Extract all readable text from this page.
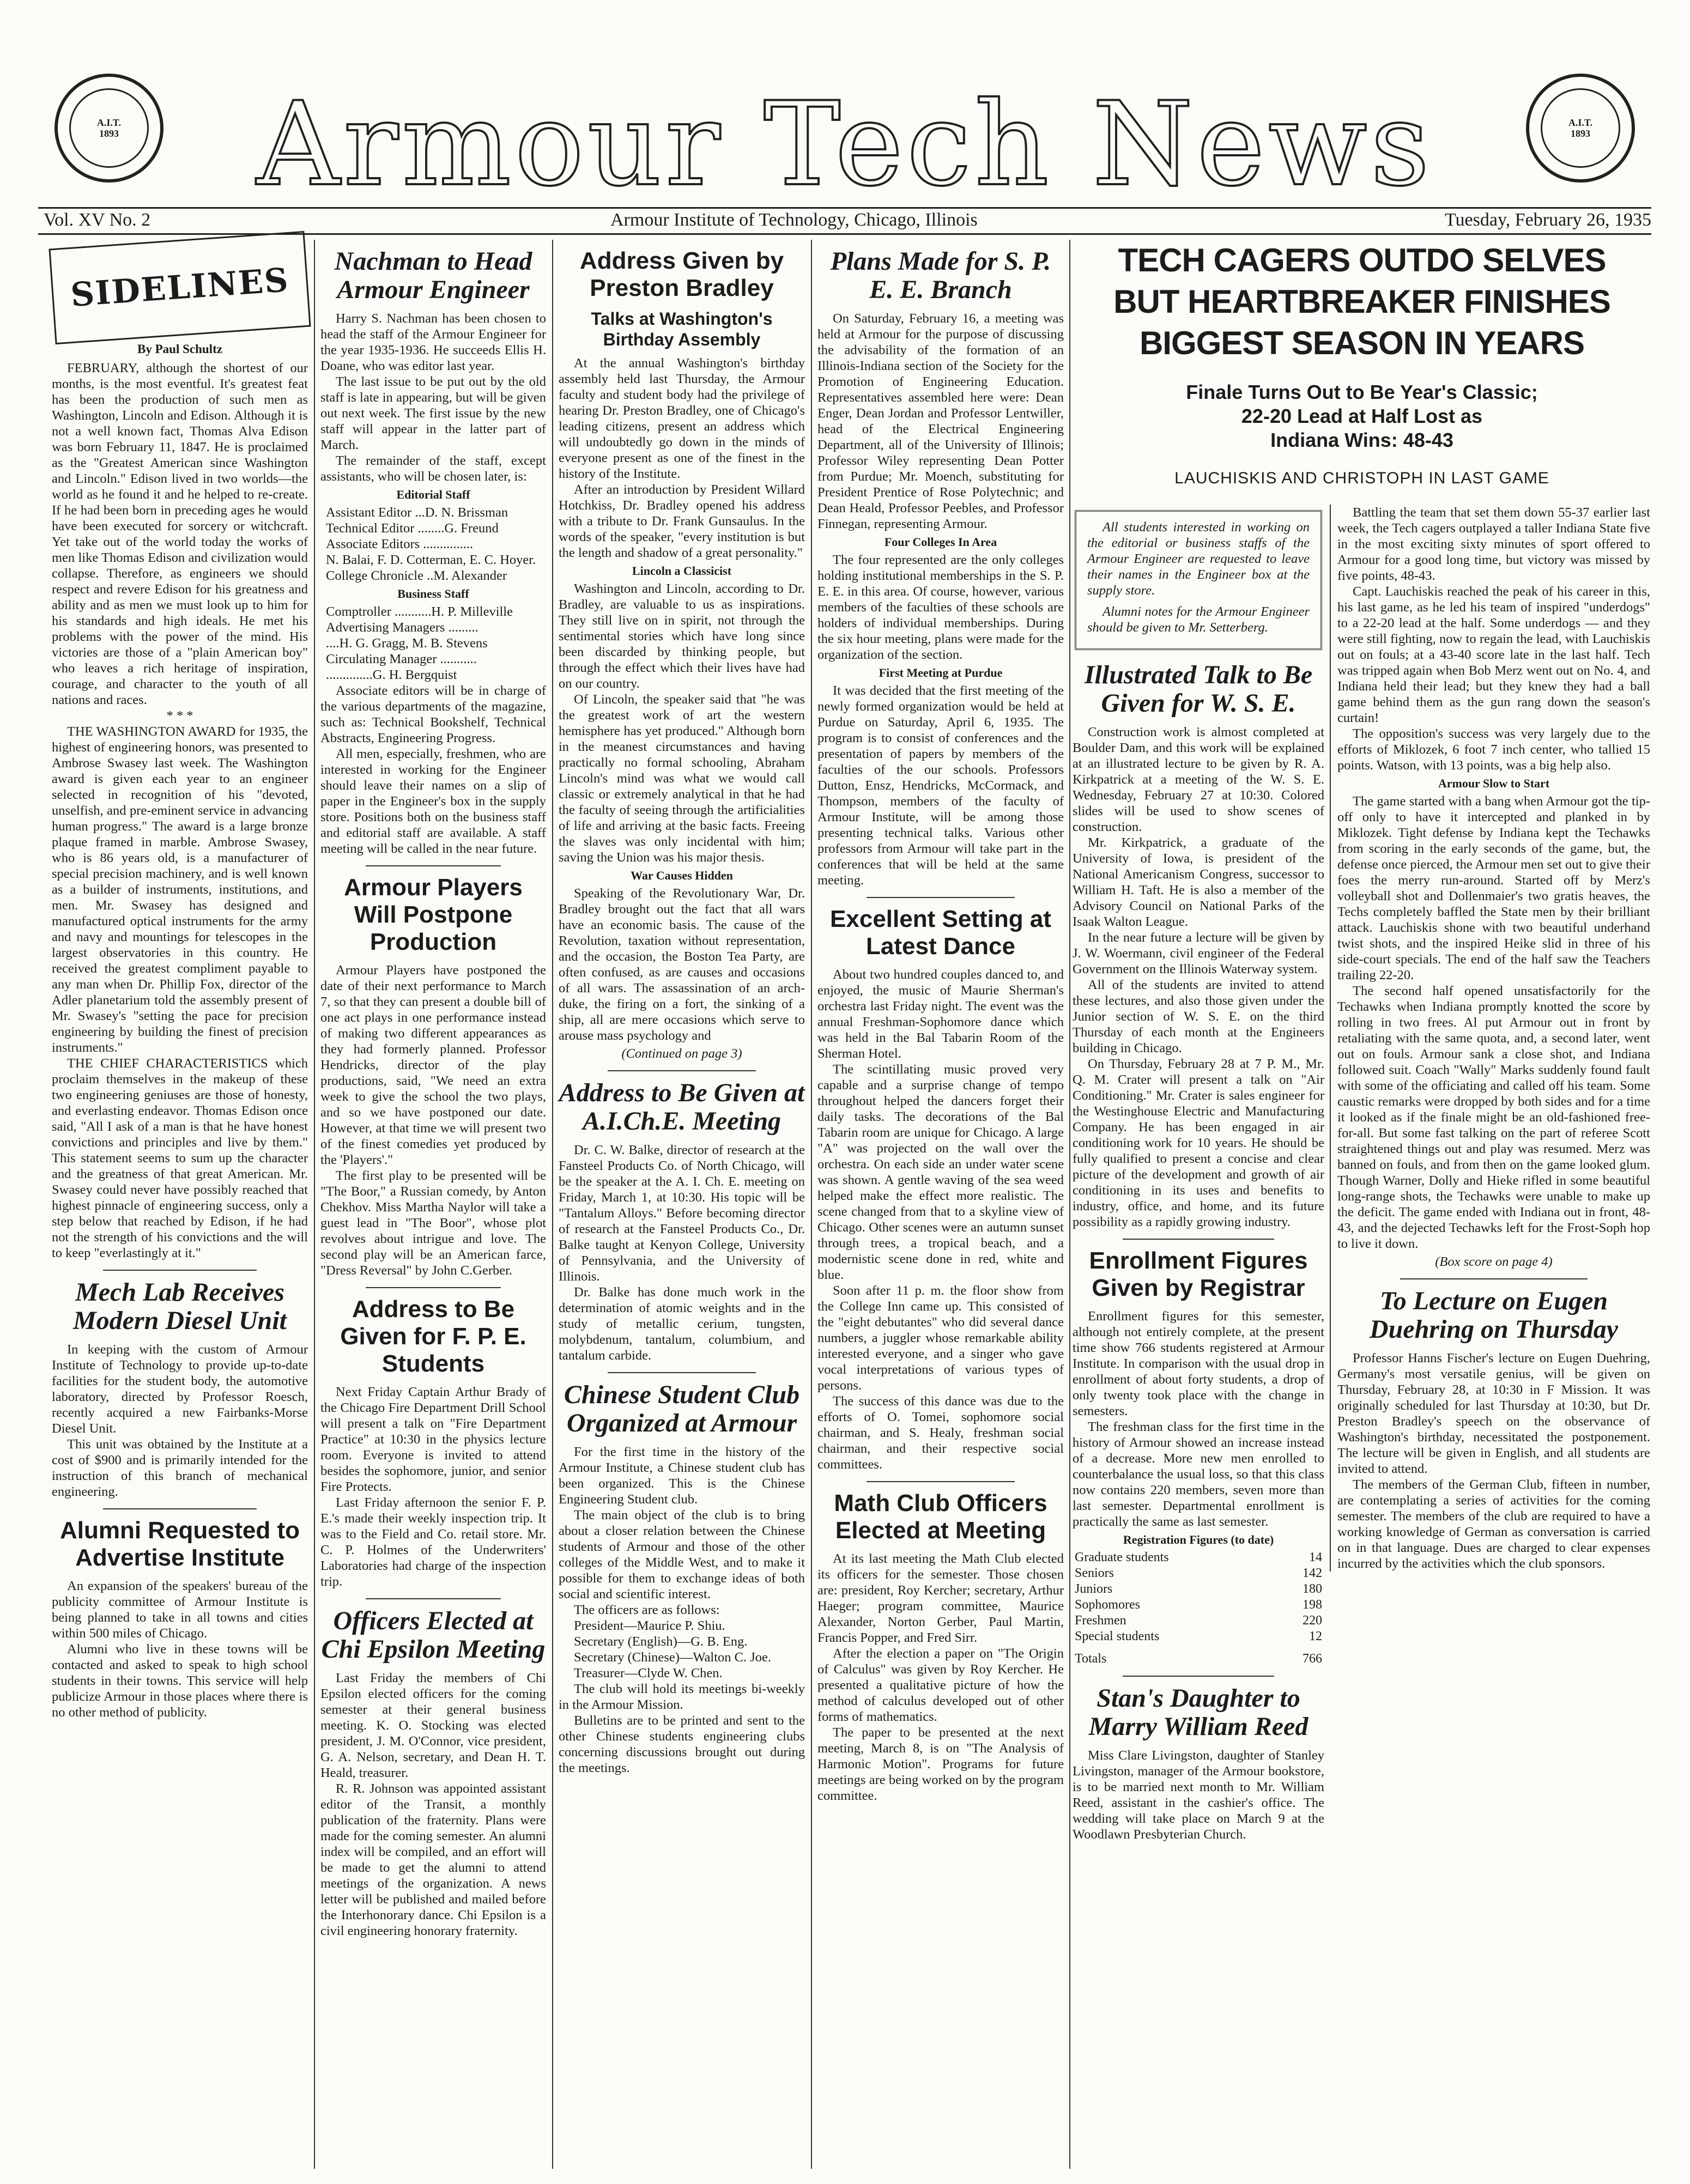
A.I.T.
1893	Armour Tech News	A.I.T.
1893
Vol. XV No. 2	Armour Institute of Technology, Chicago, Illinois	Tuesday, February 26, 1935
SIDELINES
By Paul Schultz

FEBRUARY, although the shortest of our months, is the most eventful. It's greatest feat has been the production of such men as Washington, Lincoln and Edison. Although it is not a well known fact, Thomas Alva Edison was born February 11, 1847. He is proclaimed as the "Greatest American since Washington and Lincoln." Edison lived in two worlds—the world as he found it and he helped to re-create. If he had been born in preceding ages he would have been executed for sorcery or witchcraft. Yet take out of the world today the works of men like Thomas Edison and civilization would collapse. Therefore, as engineers we should respect and revere Edison for his greatness and ability and as men we must look up to him for his standards and high ideals. He met his problems with the power of the mind. His victories are those of a "plain American boy" who leaves a rich heritage of inspiration, courage, and character to the youth of all nations and races.

* * *

THE WASHINGTON AWARD for 1935, the highest of engineering honors, was presented to Ambrose Swasey last week. The Washington award is given each year to an engineer selected in recognition of his "devoted, unselfish, and pre-eminent service in advancing human progress." The award is a large bronze plaque framed in marble. Ambrose Swasey, who is 86 years old, is a manufacturer of special precision machinery, and is well known as a builder of instruments, institutions, and men. Mr. Swasey has designed and manufactured optical instruments for the army and navy and mountings for telescopes in the largest observatories in this country. He received the greatest compliment payable to any man when Dr. Phillip Fox, director of the Adler planetarium told the assembly present of Mr. Swasey's "setting the pace for precision engineering by building the finest of precision instruments."

THE CHIEF CHARACTERISTICS which proclaim themselves in the makeup of these two engineering geniuses are those of honesty, and everlasting endeavor. Thomas Edison once said, "All I ask of a man is that he have honest convictions and principles and live by them." This statement seems to sum up the character and the greatness of that great American. Mr. Swasey could never have possibly reached that highest pinnacle of engineering success, only a step below that reached by Edison, if he had not the strength of his convictions and the will to keep "everlastingly at it."

Mech Lab Receives Modern Diesel Unit

In keeping with the custom of Armour Institute of Technology to provide up-to-date facilities for the student body, the automotive laboratory, directed by Professor Roesch, recently acquired a new Fairbanks-Morse Diesel Unit.

This unit was obtained by the Institute at a cost of $900 and is primarily intended for the instruction of this branch of mechanical engineering.

Alumni Requested to Advertise Institute

An expansion of the speakers' bureau of the publicity committee of Armour Institute is being planned to take in all towns and cities within 500 miles of Chicago.

Alumni who live in these towns will be contacted and asked to speak to high school students in their towns. This service will help publicize Armour in those places where there is no other method of publicity.

Nachman to Head Armour Engineer

Harry S. Nachman has been chosen to head the staff of the Armour Engineer for the year 1935-1936. He succeeds Ellis H. Doane, who was editor last year.

The last issue to be put out by the old staff is late in appearing, but will be given out next week. The first issue by the new staff will appear in the latter part of March.

The remainder of the staff, except assistants, who will be chosen later, is:

Editorial Staff

Assistant Editor ...D. N. Brissman

Technical Editor ........G. Freund

Associate Editors ...............

N. Balai, F. D. Cotterman, E. C. Hoyer.

College Chronicle ..M. Alexander

Business Staff

Comptroller ...........H. P. Milleville

Advertising Managers .........

....H. G. Gragg, M. B. Stevens

Circulating Manager ...........

..............G. H. Bergquist

Associate editors will be in charge of the various departments of the magazine, such as: Technical Bookshelf, Technical Abstracts, Engineering Progress.

All men, especially, freshmen, who are interested in working for the Engineer should leave their names on a slip of paper in the Engineer's box in the supply store. Positions both on the business staff and editorial staff are available. A staff meeting will be called in the near future.

Armour Players Will Postpone Production

Armour Players have postponed the date of their next performance to March 7, so that they can present a double bill of one act plays in one performance instead of making two different appearances as they had formerly planned. Professor Hendricks, director of the play productions, said, "We need an extra week to give the school the two plays, and so we have postponed our date. However, at that time we will present two of the finest comedies yet produced by the 'Players'."

The first play to be presented will be "The Boor," a Russian comedy, by Anton Chekhov. Miss Martha Naylor will take a guest lead in "The Boor", whose plot revolves about intrigue and love. The second play will be an American farce, "Dress Reversal" by John C.Gerber.

Address to Be Given for F. P. E. Students

Next Friday Captain Arthur Brady of the Chicago Fire Department Drill School will present a talk on "Fire Department Practice" at 10:30 in the physics lecture room. Everyone is invited to attend besides the sophomore, junior, and senior Fire Protects.

Last Friday afternoon the senior F. P. E.'s made their weekly inspection trip. It was to the Field and Co. retail store. Mr. C. P. Holmes of the Underwriters' Laboratories had charge of the inspection trip.

Officers Elected at Chi Epsilon Meeting

Last Friday the members of Chi Epsilon elected officers for the coming semester at their general business meeting. K. O. Stocking was elected president, J. M. O'Connor, vice president, G. A. Nelson, secretary, and Dean H. T. Heald, treasurer.

R. R. Johnson was appointed assistant editor of the Transit, a monthly publication of the fraternity. Plans were made for the coming semester. An alumni index will be compiled, and an effort will be made to get the alumni to attend meetings of the organization. A news letter will be published and mailed before the Interhonorary dance. Chi Epsilon is a civil engineering honorary fraternity.

Address Given by Preston Bradley
Talks at Washington's Birthday Assembly

At the annual Washington's birthday assembly held last Thursday, the Armour faculty and student body had the privilege of hearing Dr. Preston Bradley, one of Chicago's leading citizens, present an address which will undoubtedly go down in the minds of everyone present as one of the finest in the history of the Institute.

After an introduction by President Willard Hotchkiss, Dr. Bradley opened his address with a tribute to Dr. Frank Gunsaulus. In the words of the speaker, "every institution is but the length and shadow of a great personality."

Lincoln a Classicist

Washington and Lincoln, according to Dr. Bradley, are valuable to us as inspirations. They still live on in spirit, not through the sentimental stories which have long since been discarded by thinking people, but through the effect which their lives have had on our country.

Of Lincoln, the speaker said that "he was the greatest work of art the western hemisphere has yet produced." Although born in the meanest circumstances and having practically no formal schooling, Abraham Lincoln's mind was what we would call classic or extremely analytical in that he had the faculty of seeing through the artificialities of life and arriving at the basic facts. Freeing the slaves was only incidental with him; saving the Union was his major thesis.

War Causes Hidden

Speaking of the Revolutionary War, Dr. Bradley brought out the fact that all wars have an economic basis. The cause of the Revolution, taxation without representation, and the occasion, the Boston Tea Party, are often confused, as are causes and occasions of all wars. The assassination of an arch-duke, the firing on a fort, the sinking of a ship, all are mere occasions which serve to arouse mass psychology and

(Continued on page 3)
Address to Be Given at A.I.Ch.E. Meeting

Dr. C. W. Balke, director of research at the Fansteel Products Co. of North Chicago, will be the speaker at the A. I. Ch. E. meeting on Friday, March 1, at 10:30. His topic will be "Tantalum Alloys." Before becoming director of research at the Fansteel Products Co., Dr. Balke taught at Kenyon College, University of Pennsylvania, and the University of Illinois.

Dr. Balke has done much work in the determination of atomic weights and in the study of metallic cerium, tungsten, molybdenum, tantalum, columbium, and tantalum carbide.

Chinese Student Club Organized at Armour

For the first time in the history of the Armour Institute, a Chinese student club has been organized. This is the Chinese Engineering Student club.

The main object of the club is to bring about a closer relation between the Chinese students of Armour and those of the other colleges of the Middle West, and to make it possible for them to exchange ideas of both social and scientific interest.

The officers are as follows:

President—Maurice P. Shiu.

Secretary (English)—G. B. Eng.

Secretary (Chinese)—Walton C. Joe.

Treasurer—Clyde W. Chen.

The club will hold its meetings bi-weekly in the Armour Mission.

Bulletins are to be printed and sent to the other Chinese students engineering clubs concerning discussions brought out during the meetings.

Plans Made for S. P. E. E. Branch

On Saturday, February 16, a meeting was held at Armour for the purpose of discussing the advisability of the formation of an Illinois-Indiana section of the Society for the Promotion of Engineering Education. Representatives assembled here were: Dean Enger, Dean Jordan and Professor Lentwiller, head of the Electrical Engineering Department, all of the University of Illinois; Professor Wiley representing Dean Potter from Purdue; Mr. Moench, substituting for President Prentice of Rose Polytechnic; and Dean Heald, Professor Peebles, and Professor Finnegan, representing Armour.

Four Colleges In Area

The four represented are the only colleges holding institutional memberships in the S. P. E. E. in this area. Of course, however, various members of the faculties of these schools are holders of individual memberships. During the six hour meeting, plans were made for the organization of the section.

First Meeting at Purdue

It was decided that the first meeting of the newly formed organization would be held at Purdue on Saturday, April 6, 1935. The program is to consist of conferences and the presentation of papers by members of the faculties of the our schools. Professors Dutton, Ensz, Hendricks, McCormack, and Thompson, members of the faculty of Armour Institute, will be among those presenting technical talks. Various other professors from Armour will take part in the conferences that will be held at the same meeting.

Excellent Setting at Latest Dance

About two hundred couples danced to, and enjoyed, the music of Maurie Sherman's orchestra last Friday night. The event was the annual Freshman-Sophomore dance which was held in the Bal Tabarin Room of the Sherman Hotel.

The scintillating music proved very capable and a surprise change of tempo throughout helped the dancers forget their daily tasks. The decorations of the Bal Tabarin room are unique for Chicago. A large "A" was projected on the wall over the orchestra. On each side an under water scene was shown. A gentle waving of the sea weed helped make the effect more realistic. The scene changed from that to a skyline view of Chicago. Other scenes were an autumn sunset through trees, a tropical beach, and a modernistic scene done in red, white and blue.

Soon after 11 p. m. the floor show from the College Inn came up. This consisted of the "eight debutantes" who did several dance numbers, a juggler whose remarkable ability interested everyone, and a singer who gave vocal interpretations of various types of persons.

The success of this dance was due to the efforts of O. Tomei, sophomore social chairman, and S. Healy, freshman social chairman, and their respective social committees.

Math Club Officers Elected at Meeting

At its last meeting the Math Club elected its officers for the semester. Those chosen are: president, Roy Kercher; secretary, Arthur Haeger; program committee, Maurice Alexander, Norton Gerber, Paul Martin, Francis Popper, and Fred Sirr.

After the election a paper on "The Origin of Calculus" was given by Roy Kercher. He presented a qualitative picture of how the method of calculus developed out of other forms of mathematics.

The paper to be presented at the next meeting, March 8, is on "The Analysis of Harmonic Motion". Programs for future meetings are being worked on by the program committee.

TECH CAGERS OUTDO SELVES
BUT HEARTBREAKER FINISHES
BIGGEST SEASON IN YEARS
Finale Turns Out to Be Year's Classic;
22-20 Lead at Half Lost as
Indiana Wins: 48-43
LAUCHISKIS AND CHRISTOPH IN LAST GAME

All students interested in working on the editorial or business staffs of the Armour Engineer are requested to leave their names in the Engineer box at the supply store.

Alumni notes for the Armour Engineer should be given to Mr. Setterberg.

Illustrated Talk to Be Given for W. S. E.

Construction work is almost completed at Boulder Dam, and this work will be explained at an illustrated lecture to be given by R. A. Kirkpatrick at a meeting of the W. S. E. Wednesday, February 27 at 10:30. Colored slides will be used to show scenes of construction.

Mr. Kirkpatrick, a graduate of the University of Iowa, is president of the National Americanism Congress, successor to William H. Taft. He is also a member of the Advisory Council on National Parks of the Isaak Walton League.

In the near future a lecture will be given by J. W. Woermann, civil engineer of the Federal Government on the Illinois Waterway system.

All of the students are invited to attend these lectures, and also those given under the Junior section of W. S. E. on the third Thursday of each month at the Engineers building in Chicago.

On Thursday, February 28 at 7 P. M., Mr. Q. M. Crater will present a talk on "Air Conditioning." Mr. Crater is sales engineer for the Westinghouse Electric and Manufacturing Company. He has been engaged in air conditioning work for 10 years. He should be fully qualified to present a concise and clear picture of the development and growth of air conditioning in its uses and benefits to industry, office, and home, and its future possibility as a rapidly growing industry.

Enrollment Figures Given by Registrar

Enrollment figures for this semester, although not entirely complete, at the present time show 766 students registered at Armour Institute. In comparison with the usual drop in enrollment of about forty students, a drop of only twenty took place with the change in semesters.

The freshman class for the first time in the history of Armour showed an increase instead of a decrease. More new men enrolled to counterbalance the usual loss, so that this class now contains 220 members, seven more than last semester. Departmental enrollment is practically the same as last semester.

Registration Figures (to date)
Graduate students	14
Seniors	142
Juniors	180
Sophomores	198
Freshmen	220
Special students	12
Totals	766
Stan's Daughter to Marry William Reed

Miss Clare Livingston, daughter of Stanley Livingston, manager of the Armour bookstore, is to be married next month to Mr. William Reed, assistant in the cashier's office. The wedding will take place on March 9 at the Woodlawn Presbyterian Church.

Battling the team that set them down 55-37 earlier last week, the Tech cagers outplayed a taller Indiana State five in the most exciting sixty minutes of sport offered to Armour for a good long time, but victory was missed by five points, 48-43.

Capt. Lauchiskis reached the peak of his career in this, his last game, as he led his team of inspired "underdogs" to a 22-20 lead at the half. Some underdogs — and they were still fighting, now to regain the lead, with Lauchiskis out on fouls; at a 43-40 score late in the last half. Tech was tripped again when Bob Merz went out on No. 4, and Indiana held their lead; but they knew they had a ball game behind them as the gun rang down the season's curtain!

The opposition's success was very largely due to the efforts of Miklozek, 6 foot 7 inch center, who tallied 15 points. Watson, with 13 points, was a big help also.

Armour Slow to Start

The game started with a bang when Armour got the tip-off only to have it intercepted and planked in by Miklozek. Tight defense by Indiana kept the Techawks from scoring in the early seconds of the game, but, the defense once pierced, the Armour men set out to give their foes the merry run-around. Started off by Merz's volleyball shot and Dollenmaier's two gratis heaves, the Techs completely baffled the State men by their brilliant attack. Lauchiskis shone with two beautiful underhand twist shots, and the inspired Heike slid in three of his side-court specials. The end of the half saw the Teachers trailing 22-20.

The second half opened unsatisfactorily for the Techawks when Indiana promptly knotted the score by rolling in two frees. Al put Armour out in front by retaliating with the same quota, and, a second later, went out on fouls. Armour sank a close shot, and Indiana followed suit. Coach "Wally" Marks suddenly found fault with some of the officiating and called off his team. Some caustic remarks were dropped by both sides and for a time it looked as if the finale might be an old-fashioned free-for-all. But some fast talking on the part of referee Scott straightened things out and play was resumed. Merz was banned on fouls, and from then on the game looked glum. Though Warner, Dolly and Hieke rifled in some beautiful long-range shots, the Techawks were unable to make up the deficit. The game ended with Indiana out in front, 48-43, and the dejected Techawks left for the Frost-Soph hop to live it down.

(Box score on page 4)
To Lecture on Eugen Duehring on Thursday

Professor Hanns Fischer's lecture on Eugen Duehring, Germany's most versatile genius, will be given on Thursday, February 28, at 10:30 in F Mission. It was originally scheduled for last Thursday at 10:30, but Dr. Preston Bradley's speech on the observance of Washington's birthday, necessitated the postponement. The lecture will be given in English, and all students are invited to attend.

The members of the German Club, fifteen in number, are contemplating a series of activities for the coming semester. The members of the club are required to have a working knowledge of German as conversation is carried on in that language. Dues are charged to clear expenses incurred by the activities which the club sponsors.
